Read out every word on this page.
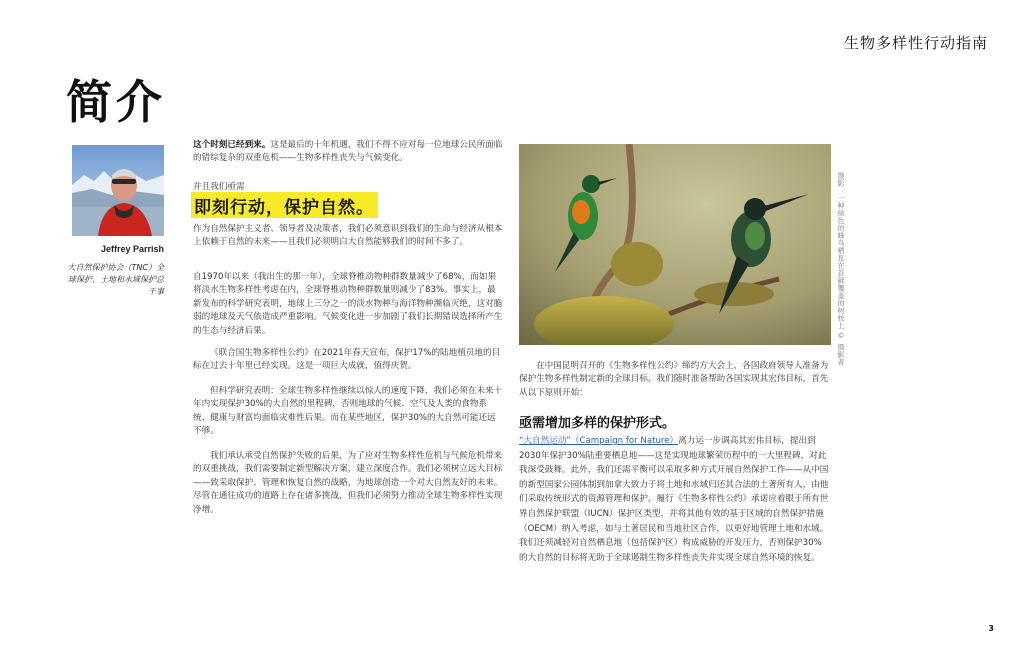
生物多样性行动指南
简介
Jeffrey Parrish
大自然保护协会（TNC）全球保护、土地和水域保护总干事
这个时刻已经到来。这是最后的十年机遇，我们不得不应对每一位地球公民所面临的错综复杂的双重危机——生物多样性丧失与气候变化。
并且我们亟需
即刻行动，保护自然。
作为自然保护主义者、领导者及决策者，我们必须意识到我们的生命与经济从根本上依赖于自然的未来——且我们必须明白大自然能够我们的时间不多了。
自1970年以来（我出生的那一年），全球脊椎动物种群数量减少了68%，而如果将淡水生物多样性考虑在内，全球脊椎动物种群数量则减少了83%。事实上，最新发布的科学研究表明，地球上三分之一的淡水物种与海洋物种濒临灭绝，这对脆弱的地球及天气依造成严重影响。气候变化进一步加剧了我们长期错误选择所产生的生态与经济后果。
《联合国生物多样性公约》在2021年春天宣布，保护17%的陆地植员地的目标在过去十年里已经实现。这是一项巨大成就，值得庆贺。
但科学研究表明：全球生物多样性继续以惊人的速度下降，我们必须在未来十年内实现保护30%的大自然的里程碑，否则地球的气候、空气及人类的食物系统、健康与财富均面临灾难性后果。而在某些地区，保护30%的大自然可能还远不够。
我们承认承受自然保护失败的后果，为了应对生物多样性危机与气候危机带来的双重挑战，我们需要制定新型解决方案，建立深度合作。我们必须树立远大目标——致采取保护、管理和恢复自然的战略，为地球创造一个对大自然友好的未来。尽管在通往成功的道路上存在诸多挑战，但我们必须努力推动全球生物多样性实现净增。
摄影：一种绿色的蜂鸟栖息在苔藓覆盖的树枝上 © 摄影者
在中国昆明召开的《生物多样性公约》缔约方大会上，各国政府领导人准备为保护生物多样性制定新的全球目标。我们随时准备帮助各国实现其宏伟目标，首先从以下原则开始：
亟需增加多样的保护形式。
“大自然运动”（Campaign for Nature）离力运一步调高其宏伟目标，提出到2030年保护30%陆重要栖息地——这是实现地球繁荣历程中的一大里程碑，对此我深受鼓舞。此外，我们还需平衡可以采取多种方式开展自然保护工作——从中国的新型国家公园体制到加拿大致力于将土地和水域归还其合法的土著所有人，由他们采取传统形式的资源管理和保护。履行《生物多样性公约》承诺应着眼于所有世界自然保护联盟（IUCN）保护区类型，并将其他有效的基于区域的自然保护措施（OECM）纳入考虑，如与土著居民和当地社区合作，以更好地管理土地和水域。我们还须减轻对自然栖息地（包括保护区）构成威胁的开发压力，否则保护30%的大自然的目标将无助于全球遏制生物多样性丧失并实现全球自然环境的恢复。
3
